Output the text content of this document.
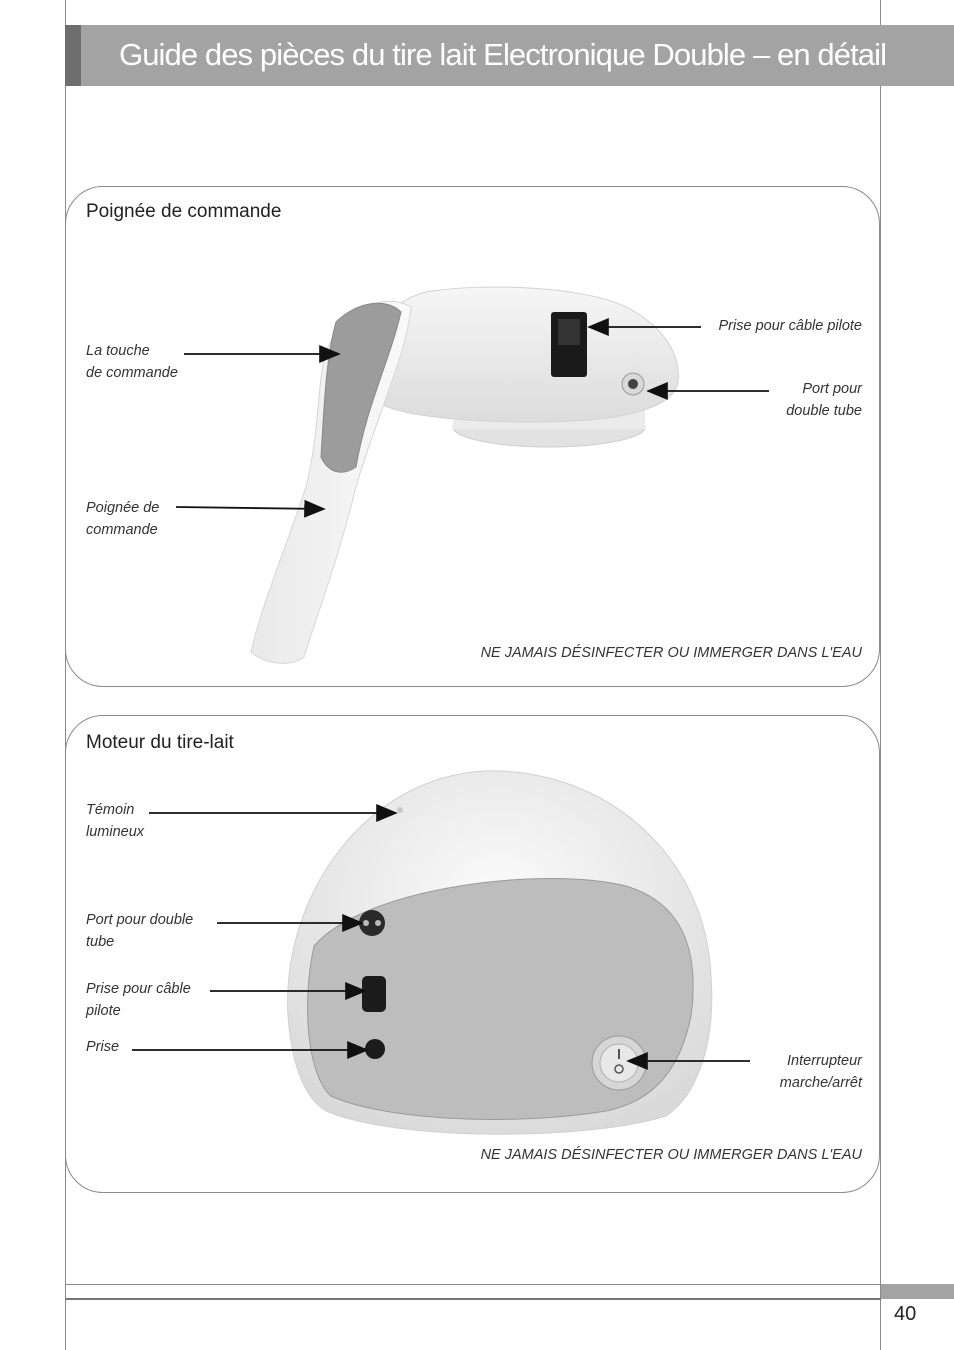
Guide des pièces du tire lait Electronique Double – en détail
Poignée de commande
La touche
de commande
Poignée de
commande
Prise pour câble pilote
Port pour
double tube
NE JAMAIS DÉSINFECTER OU IMMERGER DANS L'EAU
Moteur du tire-lait
Témoin
lumineux
Port pour double
tube
Prise pour câble
pilote
Prise
Interrupteur
marche/arrêt
NE JAMAIS DÉSINFECTER OU IMMERGER DANS L'EAU
40
